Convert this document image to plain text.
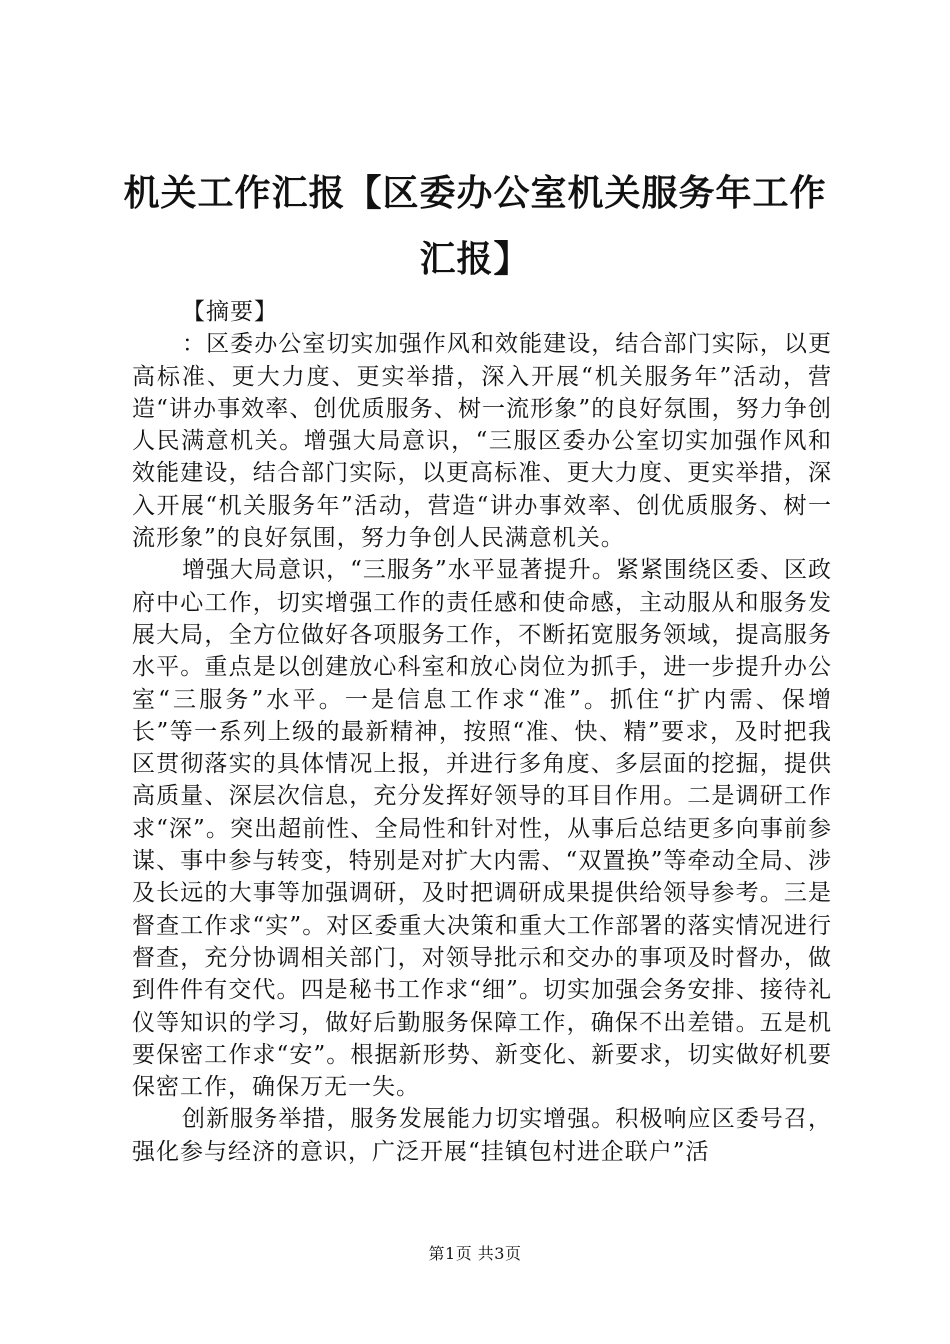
机关工作汇报【区委办公室机关服务年工作汇报】

【摘要】

：区委办公室切实加强作风和效能建设，结合部门实际，以更高标准、更大力度、更实举措，深入开展“机关服务年”活动，营造“讲办事效率、创优质服务、树一流形象”的良好氛围，努力争创人民满意机关。增强大局意识，“三服区委办公室切实加强作风和效能建设，结合部门实际，以更高标准、更大力度、更实举措，深入开展“机关服务年”活动，营造“讲办事效率、创优质服务、树一流形象”的良好氛围，努力争创人民满意机关。

增强大局意识，“三服务”水平显著提升。紧紧围绕区委、区政府中心工作，切实增强工作的责任感和使命感，主动服从和服务发展大局，全方位做好各项服务工作，不断拓宽服务领域，提高服务水平。重点是以创建放心科室和放心岗位为抓手，进一步提升办公室“三服务”水平。一是信息工作求“准”。抓住“扩内需、保增长”等一系列上级的最新精神，按照“准、快、精”要求，及时把我区贯彻落实的具体情况上报，并进行多角度、多层面的挖掘，提供高质量、深层次信息，充分发挥好领导的耳目作用。二是调研工作求“深”。突出超前性、全局性和针对性，从事后总结更多向事前参谋、事中参与转变，特别是对扩大内需、“双置换”等牵动全局、涉及长远的大事等加强调研，及时把调研成果提供给领导参考。三是督查工作求“实”。对区委重大决策和重大工作部署的落实情况进行督查，充分协调相关部门，对领导批示和交办的事项及时督办，做到件件有交代。四是秘书工作求“细”。切实加强会务安排、接待礼仪等知识的学习，做好后勤服务保障工作，确保不出差错。五是机要保密工作求“安”。根据新形势、新变化、新要求，切实做好机要保密工作，确保万无一失。

创新服务举措，服务发展能力切实增强。积极响应区委号召，强化参与经济的意识，广泛开展“挂镇包村进企联户”活

第1页 共3页
